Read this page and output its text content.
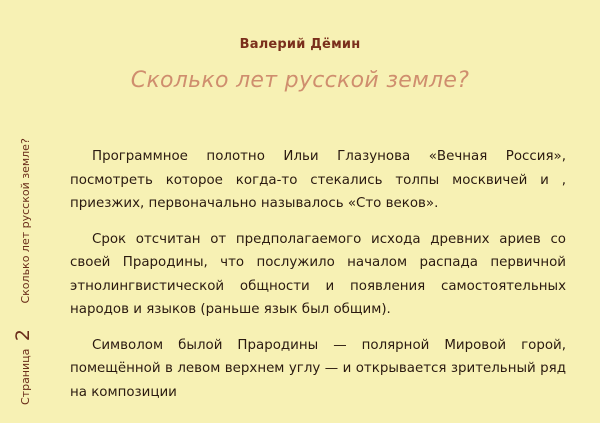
Валерий Дёмин
Сколько лет русской земле?
Страница 2 Сколько лет русской земле?	Программное полотно Ильи Глазунова «Вечная Россия», посмотреть которое когда-то стекались толпы москвичей и , приезжих, первоначально называлось «Сто веков».

Срок отсчитан от предполагаемого исхода древних ариев со своей Прародины, что послужило началом распада первичной этнолингвистической общности и появления самостоятельных народов и языков (раньше язык был общим).

Символом былой Прародины — полярной Мировой горой, помещённой в левом верхнем углу — и открывается зрительный ряд на композиции
